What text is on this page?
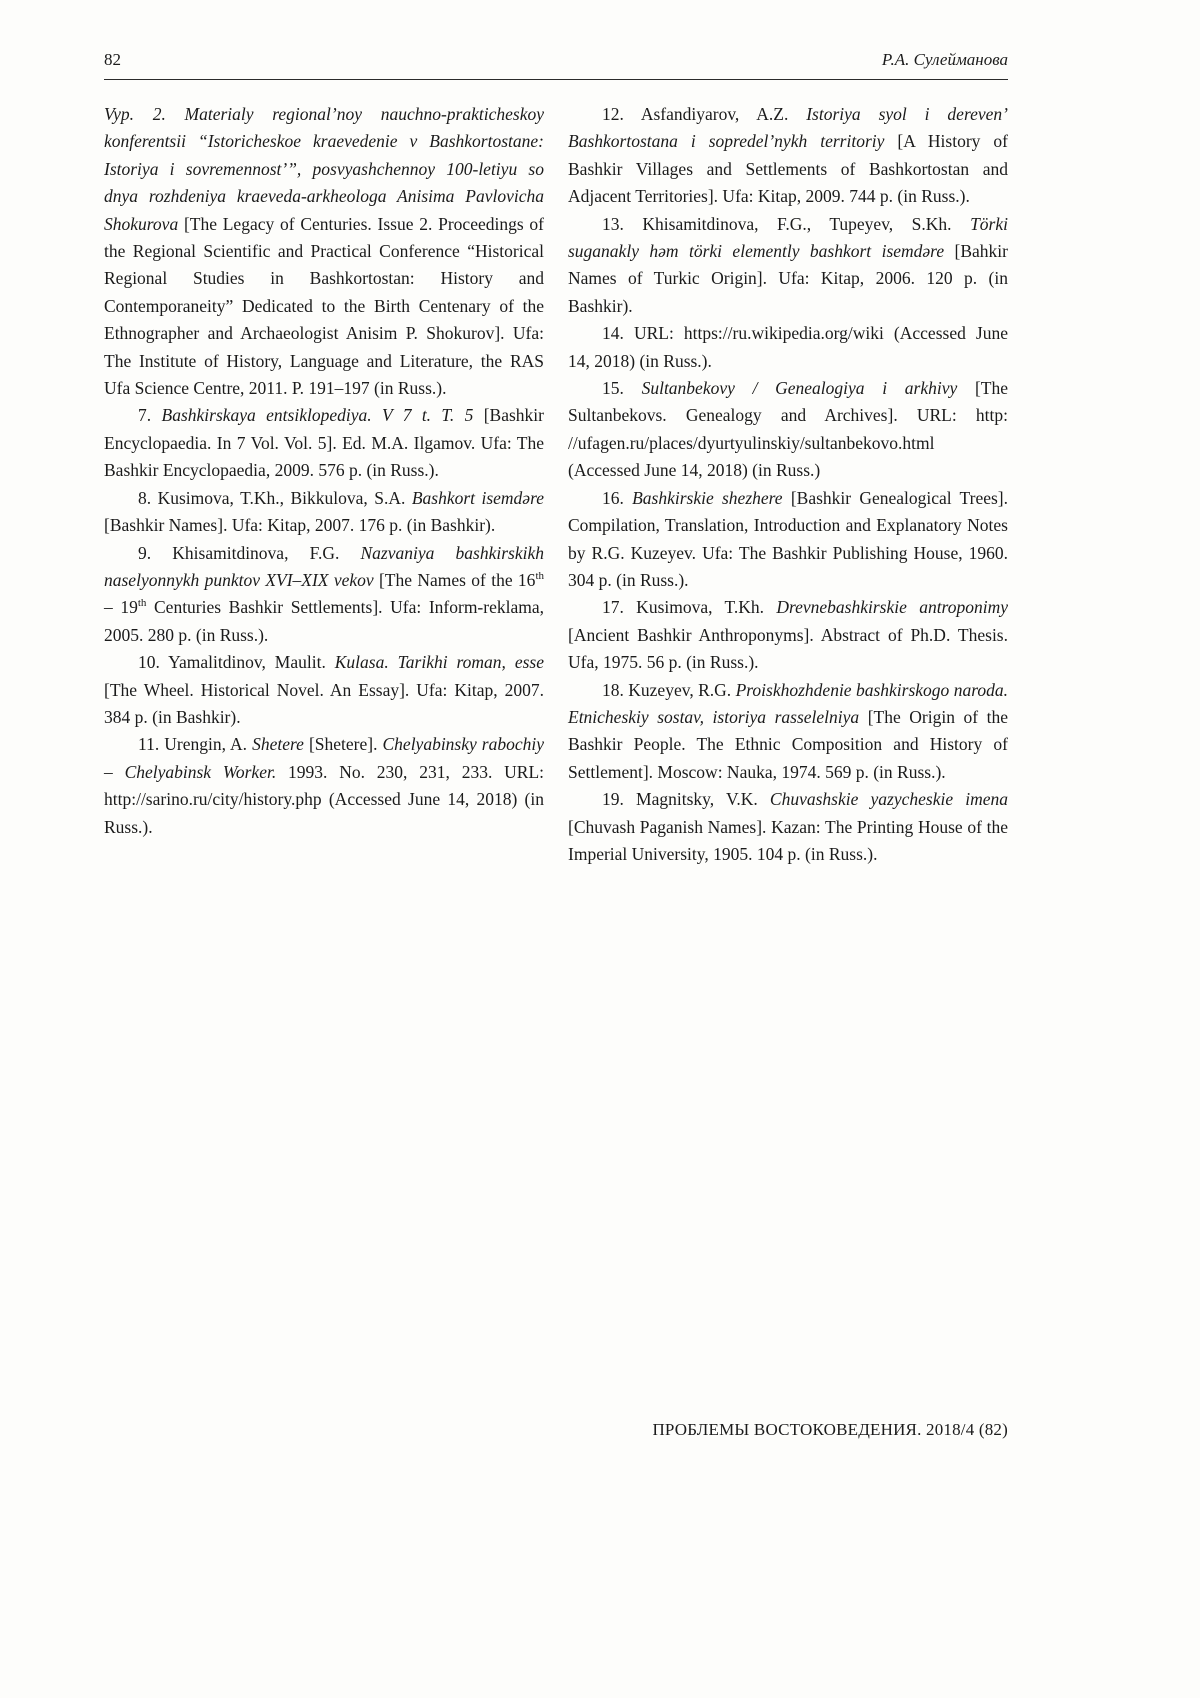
82	Р.А. Сулейманова

Vyp. 2. Materialy regional’noy nauchno-prakticheskoy konferentsii “Istoricheskoe kraevedenie v Bashkortostane: Istoriya i sovremennost’”, posvyashchennoy 100-letiyu so dnya rozhdeniya kraeveda-arkheologa Anisima Pavlovicha Shokurova [The Legacy of Centuries. Issue 2. Proceedings of the Regional Scientific and Practical Conference “Historical Regional Studies in Bashkortostan: History and Contemporaneity” Dedicated to the Birth Centenary of the Ethnographer and Archaeologist Anisim P. Shokurov]. Ufa: The Institute of History, Language and Literature, the RAS Ufa Science Centre, 2011. P. 191–197 (in Russ.).

7. Bashkirskaya entsiklopediya. V 7 t. T. 5 [Bashkir Encyclopaedia. In 7 Vol. Vol. 5]. Ed. M.A. Ilgamov. Ufa: The Bashkir Encyclopaedia, 2009. 576 p. (in Russ.).

8. Kusimova, T.Kh., Bikkulova, S.A. Bashkort isemdәre [Bashkir Names]. Ufa: Kitap, 2007. 176 p. (in Bashkir).

9. Khisamitdinova, F.G. Nazvaniya bashkirskikh naselyonnykh punktov XVI–XIX vekov [The Names of the 16th – 19th Centuries Bashkir Settlements]. Ufa: Inform-reklama, 2005. 280 p. (in Russ.).

10. Yamalitdinov, Maulit. Kulasa. Tarikhi roman, esse [The Wheel. Historical Novel. An Essay]. Ufa: Kitap, 2007. 384 p. (in Bashkir).

11. Urengin, A. Shetere [Shetere]. Chelyabinsky rabochiy – Chelyabinsk Worker. 1993. No. 230, 231, 233. URL: http://sarino.ru/city/history.php (Accessed June 14, 2018) (in Russ.).

12. Asfandiyarov, A.Z. Istoriya syol i dereven’ Bashkortostana i sopredel’nykh territoriy [A History of Bashkir Villages and Settlements of Bashkortostan and Adjacent Territories]. Ufa: Kitap, 2009. 744 p. (in Russ.).

13. Khisamitdinova, F.G., Tupeyev, S.Kh. Törki suganakly həm törki elemently bashkort isemdəre [Bahkir Names of Turkic Origin]. Ufa: Kitap, 2006. 120 p. (in Bashkir).

14. URL: https://ru.wikipedia.org/wiki (Accessed June 14, 2018) (in Russ.).

15. Sultanbekovy / Genealogiya i arkhivy [The Sultanbekovs. Genealogy and Archives]. URL: http: //ufagen.ru/places/dyurtyulinskiy/sultanbekovo.html (Accessed June 14, 2018) (in Russ.)

16. Bashkirskie shezhere [Bashkir Genealogical Trees]. Compilation, Translation, Introduction and Explanatory Notes by R.G. Kuzeyev. Ufa: The Bashkir Publishing House, 1960. 304 p. (in Russ.).

17. Kusimova, T.Kh. Drevnebashkirskie antroponimy [Ancient Bashkir Anthroponyms]. Abstract of Ph.D. Thesis. Ufa, 1975. 56 p. (in Russ.).

18. Kuzeyev, R.G. Proiskhozhdenie bashkirskogo naroda. Etnicheskiy sostav, istoriya rasselelniya [The Origin of the Bashkir People. The Ethnic Composition and History of Settlement]. Moscow: Nauka, 1974. 569 p. (in Russ.).

19. Magnitsky, V.K. Chuvashskie yazycheskie imena [Chuvash Paganish Names]. Kazan: The Printing House of the Imperial University, 1905. 104 p. (in Russ.).

ПРОБЛЕМЫ ВОСТОКОВЕДЕНИЯ. 2018/4 (82)
